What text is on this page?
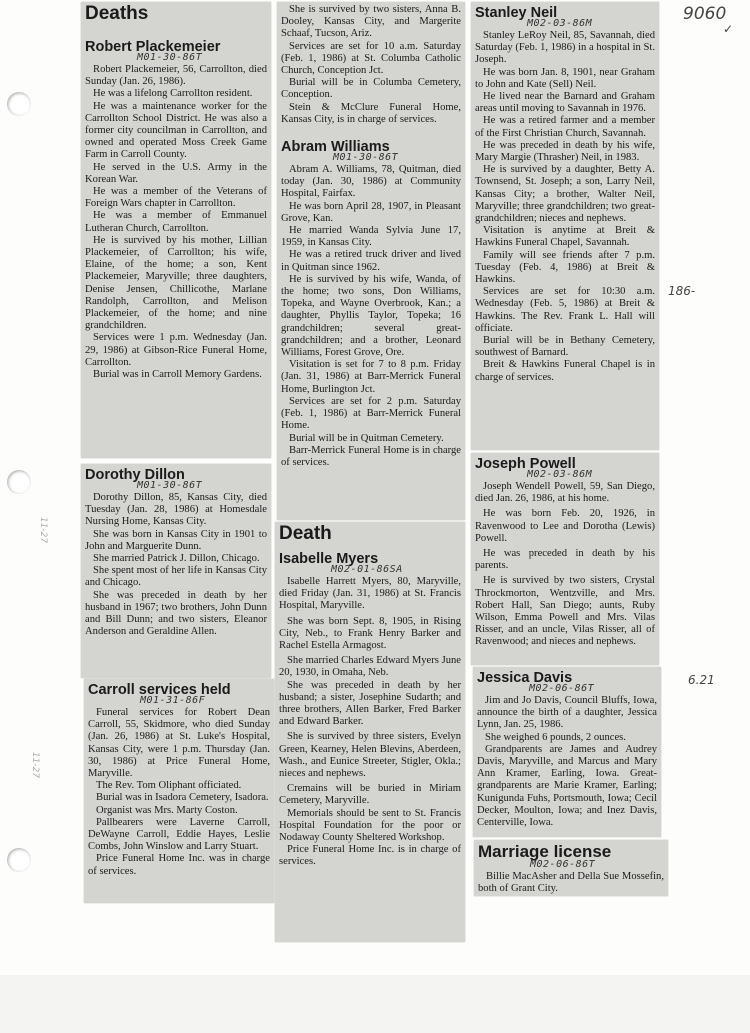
9060
✓
186-
6.21
11-27
11-27
Deaths
Robert Plackemeier
M01-30-86T

Robert Plackemeier, 56, Carrollton, died Sunday (Jan. 26, 1986).

He was a lifelong Carrollton resident.

He was a maintenance worker for the Carrollton School District. He was also a former city councilman in Carrollton, and owned and operated Moss Creek Game Farm in Carroll County.

He served in the U.S. Army in the Korean War.

He was a member of the Veterans of Foreign Wars chapter in Carrollton.

He was a member of Emmanuel Lutheran Church, Carrollton.

He is survived by his mother, Lillian Plackemeier, of Carrollton; his wife, Elaine, of the home; a son, Kent Plackemeier, Maryville; three daughters, Denise Jensen, Chillicothe, Marlane Randolph, Carrollton, and Melison Plackemeier, of the home; and nine grandchildren.

Services were 1 p.m. Wednesday (Jan. 29, 1986) at Gibson-Rice Funeral Home, Carrollton.

Burial was in Carroll Memory Gardens.

Dorothy Dillon
M01-30-86T

Dorothy Dillon, 85, Kansas City, died Tuesday (Jan. 28, 1986) at Homesdale Nursing Home, Kansas City.

She was born in Kansas City in 1901 to John and Marguerite Dunn.

She married Patrick J. Dillon, Chicago.

She spent most of her life in Kansas City and Chicago.

She was preceded in death by her husband in 1967; two brothers, John Dunn and Bill Dunn; and two sisters, Eleanor Anderson and Geraldine Allen.

Carroll services held
M01-31-86F

Funeral services for Robert Dean Carroll, 55, Skidmore, who died Sunday (Jan. 26, 1986) at St. Luke's Hospital, Kansas City, were 1 p.m. Thursday (Jan. 30, 1986) at Price Funeral Home, Maryville.

The Rev. Tom Oliphant officiated.

Burial was in Isadora Cemetery, Isadora.

Organist was Mrs. Marty Coston.

Pallbearers were Laverne Carroll, DeWayne Carroll, Eddie Hayes, Leslie Combs, John Winslow and Larry Stuart.

Price Funeral Home Inc. was in charge of services.

She is survived by two sisters, Anna B. Dooley, Kansas City, and Margerite Schaaf, Tucson, Ariz.

Services are set for 10 a.m. Saturday (Feb. 1, 1986) at St. Columba Catholic Church, Conception Jct.

Burial will be in Columba Cemetery, Conception.

Stein & McClure Funeral Home, Kansas City, is in charge of services.

Abram Williams
M01-30-86T

Abram A. Williams, 78, Quitman, died today (Jan. 30, 1986) at Community Hospital, Fairfax.

He was born April 28, 1907, in Pleasant Grove, Kan.

He married Wanda Sylvia June 17, 1959, in Kansas City.

He was a retired truck driver and lived in Quitman since 1962.

He is survived by his wife, Wanda, of the home; two sons, Don Williams, Topeka, and Wayne Overbrook, Kan.; a daughter, Phyllis Taylor, Topeka; 16 grandchildren; several great-grandchildren; and a brother, Leonard Williams, Forest Grove, Ore.

Visitation is set for 7 to 8 p.m. Friday (Jan. 31, 1986) at Barr-Merrick Funeral Home, Burlington Jct.

Services are set for 2 p.m. Saturday (Feb. 1, 1986) at Barr-Merrick Funeral Home.

Burial will be in Quitman Cemetery.

Barr-Merrick Funeral Home is in charge of services.

Death
Isabelle Myers
M02-01-86SA

Isabelle Harrett Myers, 80, Maryville, died Friday (Jan. 31, 1986) at St. Francis Hospital, Maryville.

She was born Sept. 8, 1905, in Rising City, Neb., to Frank Henry Barker and Rachel Estella Armagost.

She married Charles Edward Myers June 20, 1930, in Omaha, Neb.

She was preceded in death by her husband; a sister, Josephine Sudarth; and three brothers, Allen Barker, Fred Barker and Edward Barker.

She is survived by three sisters, Evelyn Green, Kearney, Helen Blevins, Aberdeen, Wash., and Eunice Streeter, Stigler, Okla.; nieces and nephews.

Cremains will be buried in Miriam Cemetery, Maryville.

Memorials should be sent to St. Francis Hospital Foundation for the poor or Nodaway County Sheltered Workshop.

Price Funeral Home Inc. is in charge of services.

Stanley Neil
M02-03-86M

Stanley LeRoy Neil, 85, Savannah, died Saturday (Feb. 1, 1986) in a hospital in St. Joseph.

He was born Jan. 8, 1901, near Graham to John and Kate (Sell) Neil.

He lived near the Barnard and Graham areas until moving to Savannah in 1976.

He was a retired farmer and a member of the First Christian Church, Savannah.

He was preceded in death by his wife, Mary Margie (Thrasher) Neil, in 1983.

He is survived by a daughter, Betty A. Townsend, St. Joseph; a son, Larry Neil, Kansas City; a brother, Walter Neil, Maryville; three grandchildren; two great-grandchildren; nieces and nephews.

Visitation is anytime at Breit & Hawkins Funeral Chapel, Savannah.

Family will see friends after 7 p.m. Tuesday (Feb. 4, 1986) at Breit & Hawkins.

Services are set for 10:30 a.m. Wednesday (Feb. 5, 1986) at Breit & Hawkins. The Rev. Frank L. Hall will officiate.

Burial will be in Bethany Cemetery, southwest of Barnard.

Breit & Hawkins Funeral Chapel is in charge of services.

Joseph Powell
M02-03-86M

Joseph Wendell Powell, 59, San Diego, died Jan. 26, 1986, at his home.

He was born Feb. 20, 1926, in Ravenwood to Lee and Dorotha (Lewis) Powell.

He was preceded in death by his parents.

He is survived by two sisters, Crystal Throckmorton, Wentzville, and Mrs. Robert Hall, San Diego; aunts, Ruby Wilson, Emma Powell and Mrs. Vilas Risser, and an uncle, Vilas Risser, all of Ravenwood; and nieces and nephews.

Jessica Davis
M02-06-86T

Jim and Jo Davis, Council Bluffs, Iowa, announce the birth of a daughter, Jessica Lynn, Jan. 25, 1986.

She weighed 6 pounds, 2 ounces.

Grandparents are James and Audrey Davis, Maryville, and Marcus and Mary Ann Kramer, Earling, Iowa. Great-grandparents are Marie Kramer, Earling; Kunigunda Fuhs, Portsmouth, Iowa; Cecil Decker, Moulton, Iowa; and Inez Davis, Centerville, Iowa.

Marriage license
M02-06-86T

Billie MacAsher and Della Sue Mossefin, both of Grant City.
